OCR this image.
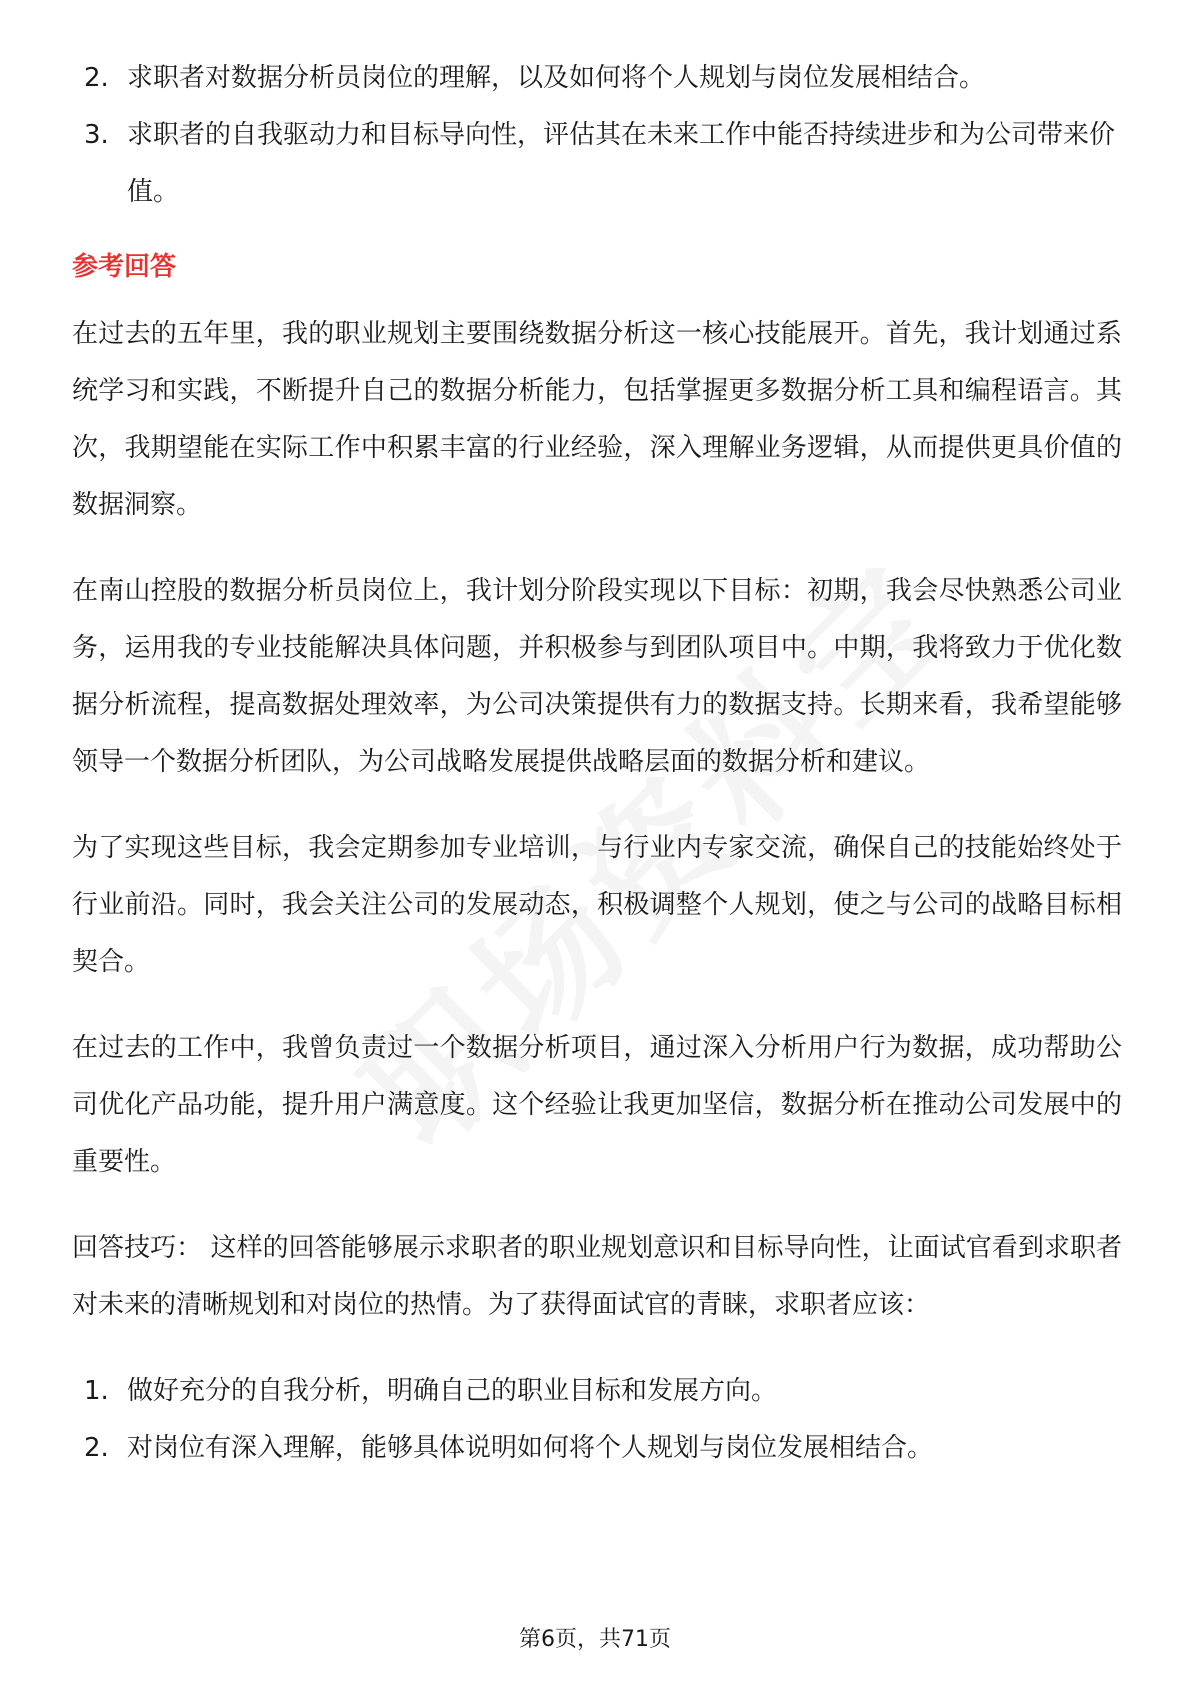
2. 求职者对数据分析员岗位的理解，以及如何将个人规划与岗位发展相结合。
3. 求职者的自我驱动力和目标导向性，评估其在未来工作中能否持续进步和为公司带来价值。
参考回答

在过去的五年里，我的职业规划主要围绕数据分析这一核心技能展开。首先，我计划通过系统学习和实践，不断提升自己的数据分析能力，包括掌握更多数据分析工具和编程语言。其次，我期望能在实际工作中积累丰富的行业经验，深入理解业务逻辑，从而提供更具价值的数据洞察。

在南山控股的数据分析员岗位上，我计划分阶段实现以下目标：初期，我会尽快熟悉公司业务，运用我的专业技能解决具体问题，并积极参与到团队项目中。中期，我将致力于优化数据分析流程，提高数据处理效率，为公司决策提供有力的数据支持。长期来看，我希望能够领导一个数据分析团队，为公司战略发展提供战略层面的数据分析和建议。

为了实现这些目标，我会定期参加专业培训，与行业内专家交流，确保自己的技能始终处于行业前沿。同时，我会关注公司的发展动态，积极调整个人规划，使之与公司的战略目标相契合。

在过去的工作中，我曾负责过一个数据分析项目，通过深入分析用户行为数据，成功帮助公司优化产品功能，提升用户满意度。这个经验让我更加坚信，数据分析在推动公司发展中的重要性。

回答技巧： 这样的回答能够展示求职者的职业规划意识和目标导向性，让面试官看到求职者对未来的清晰规划和对岗位的热情。为了获得面试官的青睐，求职者应该：

1. 做好充分的自我分析，明确自己的职业目标和发展方向。
2. 对岗位有深入理解，能够具体说明如何将个人规划与岗位发展相结合。
第6页，共71页
